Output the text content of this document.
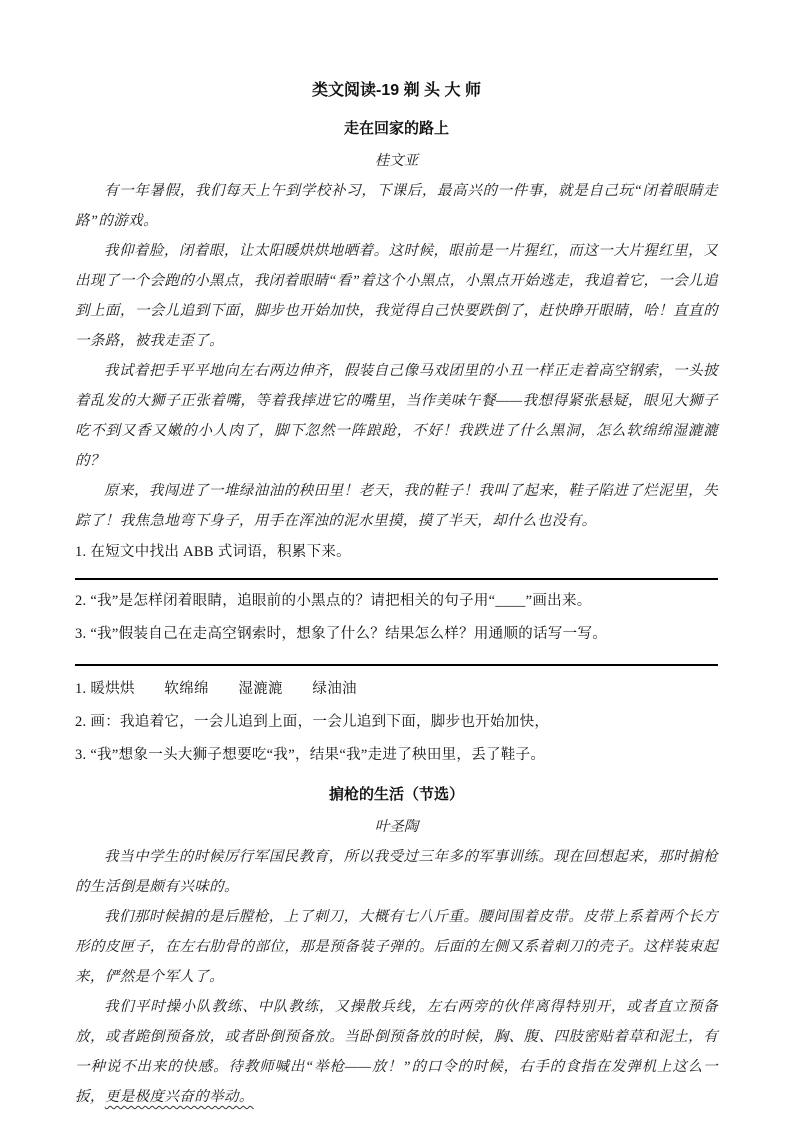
类文阅读-19 剃 头 大 师
走在回家的路上
桂文亚

有一年暑假，我们每天上午到学校补习，下课后，最高兴的一件事，就是自己玩“闭着眼睛走路”的游戏。

我仰着脸，闭着眼，让太阳暖烘烘地晒着。这时候，眼前是一片猩红，而这一大片猩红里，又出现了一个会跑的小黑点，我闭着眼睛“看”着这个小黑点，小黑点开始逃走，我追着它，一会儿追到上面，一会儿追到下面，脚步也开始加快，我觉得自己快要跌倒了，赶快睁开眼睛，哈！直直的一条路，被我走歪了。

我试着把手平平地向左右两边伸齐，假装自己像马戏团里的小丑一样正走着高空钢索，一头披着乱发的大狮子正张着嘴，等着我摔进它的嘴里，当作美味午餐——我想得紧张悬疑，眼见大狮子吃不到又香又嫩的小人肉了，脚下忽然一阵踉跄，不好！我跌进了什么黑洞，怎么软绵绵湿漉漉的？

原来，我闯进了一堆绿油油的秧田里！老天，我的鞋子！我叫了起来，鞋子陷进了烂泥里，失踪了！我焦急地弯下身子，用手在浑浊的泥水里摸，摸了半天，却什么也没有。

1. 在短文中找出 ABB 式词语，积累下来。

2. “我”是怎样闭着眼睛，追眼前的小黑点的？请把相关的句子用“____”画出来。

3. “我”假装自己在走高空钢索时，想象了什么？结果怎么样？用通顺的话写一写。

1. 暖烘烘　　软绵绵　　湿漉漉　　绿油油

2. 画：我追着它，一会儿追到上面，一会儿追到下面，脚步也开始加快，

3. “我”想象一头大狮子想要吃“我”，结果“我”走进了秧田里，丢了鞋子。

掮枪的生活（节选）
叶圣陶

我当中学生的时候厉行军国民教育，所以我受过三年多的军事训练。现在回想起来，那时掮枪的生活倒是颇有兴味的。

我们那时候掮的是后膛枪，上了刺刀，大概有七八斤重。腰间围着皮带。皮带上系着两个长方形的皮匣子，在左右肋骨的部位，那是预备装子弹的。后面的左侧又系着刺刀的壳子。这样装束起来，俨然是个军人了。

我们平时操小队教练、中队教练，又操散兵线，左右两旁的伙伴离得特别开，或者直立预备放，或者跪倒预备放，或者卧倒预备放。当卧倒预备放的时候，胸、腹、四肢密贴着草和泥土，有一种说不出来的快感。待教师喊出“举枪——放！”的口令的时候，右手的食指在发弹机上这么一扳，更是极度兴奋的举动。
